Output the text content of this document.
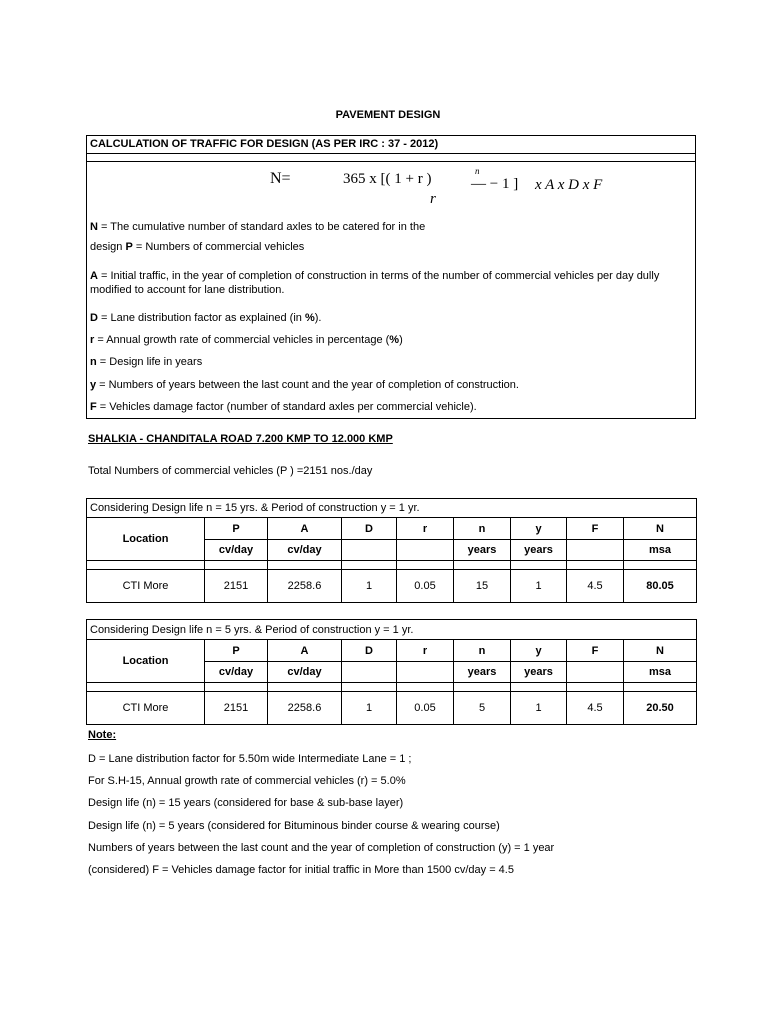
PAVEMENT DESIGN
CALCULATION OF TRAFFIC FOR DESIGN (AS PER IRC : 37 - 2012)
N=	365 x [( 1 + r )	n
— − 1 ]
r
x A x D x F
N = The cumulative number of standard axles to be catered for in the
design P = Numbers of commercial vehicles
A = Initial traffic, in the year of completion of construction in terms of the number of commercial vehicles per day dully
modified to account for lane distribution.
D = Lane distribution factor as explained (in %).
r = Annual growth rate of commercial vehicles in percentage (%)
n = Design life in years
y = Numbers of years between the last count and the year of completion of construction.
F = Vehicles damage factor (number of standard axles per commercial vehicle).
SHALKIA - CHANDITALA ROAD 7.200 KMP TO 12.000 KMP
Total Numbers of commercial vehicles (P ) =2151 nos./day
Considering Design life n = 15 yrs. & Period of construction y = 1 yr.								
Location	P	A	D	r	n	y	F	N
	cv/day	cv/day			years	years		msa

CTI More	2151	2258.6	1	0.05	15	1	4.5	80.05
Considering Design life n = 5 yrs. & Period of construction y = 1 yr.								
Location	P	A	D	r	n	y	F	N
	cv/day	cv/day			years	years		msa

CTI More	2151	2258.6	1	0.05	5	1	4.5	20.50
Note:
D = Lane distribution factor for 5.50m wide Intermediate Lane = 1 ;
For S.H-15, Annual growth rate of commercial vehicles (r) = 5.0%
Design life (n) = 15 years (considered for base & sub-base layer)
Design life (n) = 5 years (considered for Bituminous binder course & wearing course)
Numbers of years between the last count and the year of completion of construction (y) = 1 year
(considered) F = Vehicles damage factor for initial traffic in More than 1500 cv/day = 4.5
